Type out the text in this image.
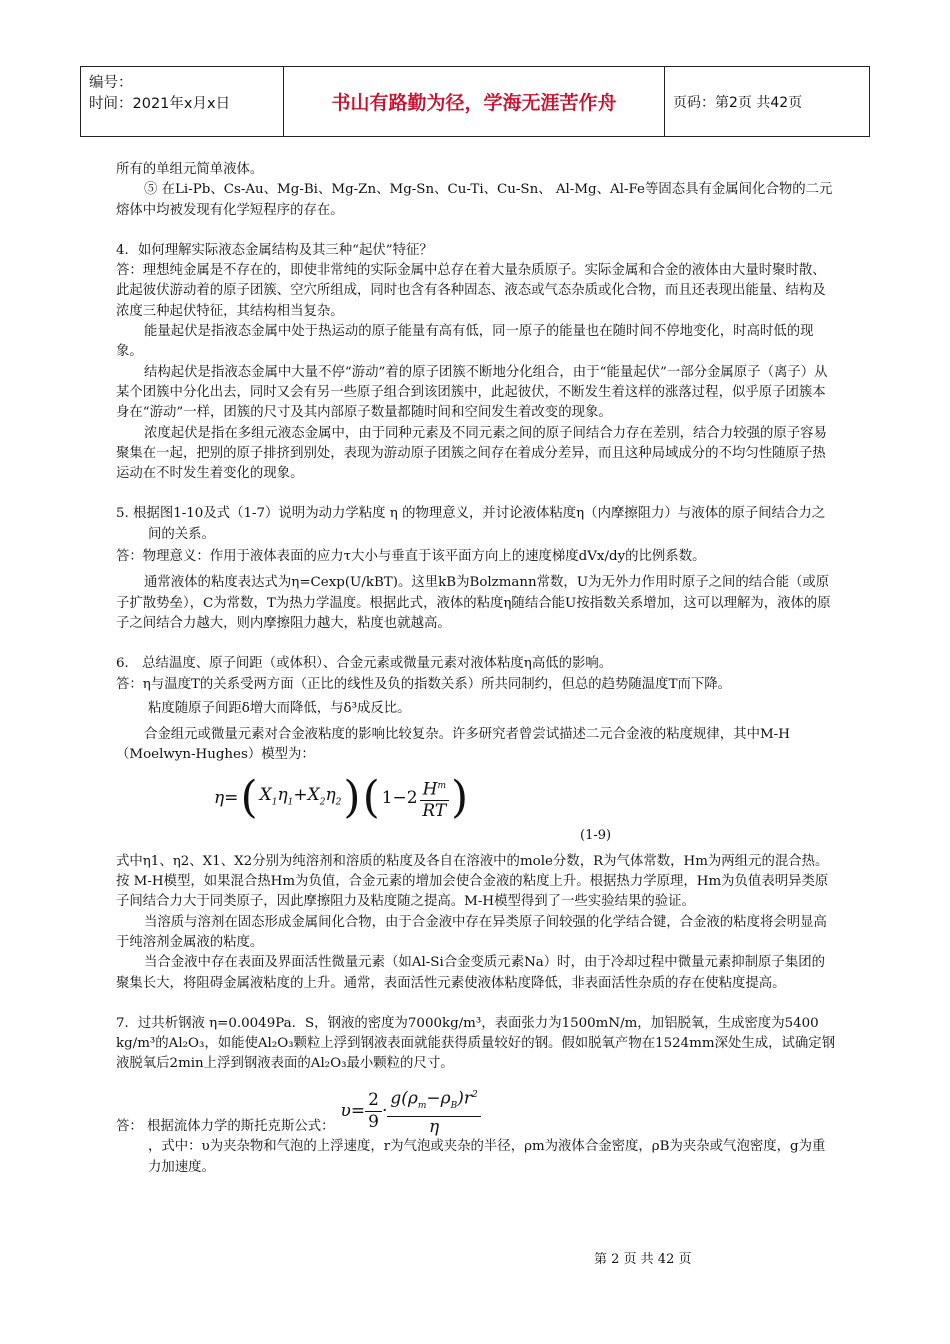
编号：
时间：2021年x月x日	书山有路勤为径，学海无涯苦作舟	页码：第2页 共42页

所有的单组元简单液体。

⑤ 在Li-Pb、Cs-Au、Mg-Bi、Mg-Zn、Mg-Sn、Cu-Ti、Cu-Sn、 Al-Mg、Al-Fe等固态具有金属间化合物的二元熔体中均被发现有化学短程序的存在。

4．如何理解实际液态金属结构及其三种“起伏”特征？

答：理想纯金属是不存在的，即使非常纯的实际金属中总存在着大量杂质原子。实际金属和合金的液体由大量时聚时散、此起彼伏游动着的原子团簇、空穴所组成，同时也含有各种固态、液态或气态杂质或化合物，而且还表现出能量、结构及浓度三种起伏特征，其结构相当复杂。

能量起伏是指液态金属中处于热运动的原子能量有高有低，同一原子的能量也在随时间不停地变化，时高时低的现象。

结构起伏是指液态金属中大量不停“游动”着的原子团簇不断地分化组合，由于“能量起伏”一部分金属原子（离子）从某个团簇中分化出去，同时又会有另一些原子组合到该团簇中，此起彼伏，不断发生着这样的涨落过程，似乎原子团簇本身在“游动”一样，团簇的尺寸及其内部原子数量都随时间和空间发生着改变的现象。

浓度起伏是指在多组元液态金属中，由于同种元素及不同元素之间的原子间结合力存在差别，结合力较强的原子容易聚集在一起，把别的原子排挤到别处，表现为游动原子团簇之间存在着成分差异，而且这种局域成分的不均匀性随原子热运动在不时发生着变化的现象。

5. 根据图1-10及式（1-7）说明为动力学粘度 η 的物理意义，并讨论液体粘度η（内摩擦阻力）与液体的原子间结合力之间的关系。

答：物理意义：作用于液体表面的应力τ大小与垂直于该平面方向上的速度梯度dVx/dy的比例系数。

通常液体的粘度表达式为η=Cexp(U/kBT)。这里kB为Bolzmann常数，U为无外力作用时原子之间的结合能（或原子扩散势垒），C为常数，T为热力学温度。根据此式，液体的粘度η随结合能U按指数关系增加，这可以理解为，液体的原子之间结合力越大，则内摩擦阻力越大，粘度也就越高。

6． 总结温度、原子间距（或体积）、合金元素或微量元素对液体粘度η高低的影响。

答：η与温度T的关系受两方面（正比的线性及负的指数关系）所共同制约，但总的趋势随温度T而下降。

粘度随原子间距δ增大而降低，与δ³成反比。

合金组元或微量元素对合金液粘度的影响比较复杂。许多研究者曾尝试描述二元合金液的粘度规律，其中M-H（Moelwyn-Hughes）模型为：

η= ( $X_1\eta_1+X_2\eta_2$ ) ( $1-2 \frac{H^m}{RT}$ )
(1-9)

式中η1、η2、X1、X2分别为纯溶剂和溶质的粘度及各自在溶液中的mole分数，R为气体常数，Hm为两组元的混合热。按 M-H模型，如果混合热Hm为负值，合金元素的增加会使合金液的粘度上升。根据热力学原理，Hm为负值表明异类原子间结合力大于同类原子，因此摩擦阻力及粘度随之提高。M-H模型得到了一些实验结果的验证。

当溶质与溶剂在固态形成金属间化合物，由于合金液中存在异类原子间较强的化学结合键，合金液的粘度将会明显高于纯溶剂金属液的粘度。

当合金液中存在表面及界面活性微量元素（如Al-Si合金变质元素Na）时，由于冷却过程中微量元素抑制原子集团的聚集长大，将阻碍金属液粘度的上升。通常，表面活性元素使液体粘度降低，非表面活性杂质的存在使粘度提高。

7．过共析钢液 η=0.0049Pa．S，钢液的密度为7000kg/m³，表面张力为1500mN/m，加铝脱氧，生成密度为5400 kg/m³的Al₂O₃，如能使Al₂O₃颗粒上浮到钢液表面就能获得质量较好的钢。假如脱氧产物在1524mm深处生成，试确定钢液脱氧后2min上浮到钢液表面的Al₂O₃最小颗粒的尺寸。

答： 根据流体力学的斯托克斯公式：
$\upsilon= \frac{2}{9} \cdot \frac{g(\rho_m-\rho_B)r^2}{\eta}$

，式中：υ为夹杂物和气泡的上浮速度，r为气泡或夹杂的半径，ρm为液体合金密度，ρB为夹杂或气泡密度，g为重力加速度。

第 2 页 共 42 页
